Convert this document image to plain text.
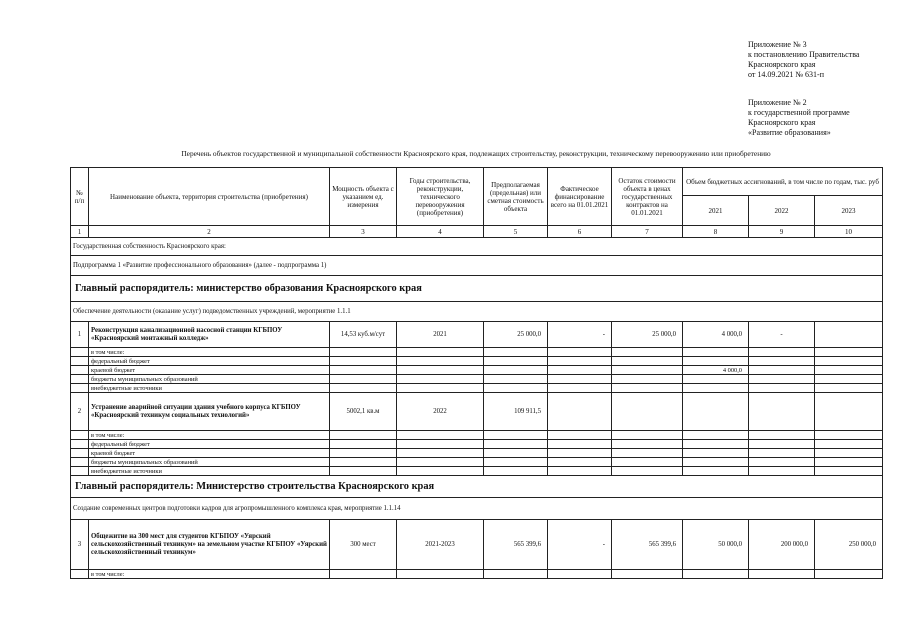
Приложение № 3
к постановлению Правительства
Красноярского края
от 14.09.2021 № 631-п
Приложение № 2
к государственной программе
Красноярского края
«Развитие образования»
Перечень объектов государственной и муниципальной собственности Красноярского края, подлежащих строительству, реконструкции, техническому перевооружению или приобретению
№ п/п	Наименование объекта, территория строительства (приобретения)	Мощность объекта с указанием ед. измерения	Годы строительства, реконструкции, технического перевооружения (приобретения)	Предполагаемая (предельная) или сметная стоимость объекта	Фактическое финансирование всего на 01.01.2021	Остаток стоимости объекта в ценах государственных контрактов на 01.01.2021	Объем бюджетных ассигнований, в том числе по годам, тыс. руб		
							2021	2022	2023
1	2	3	4	5	6	7	8	9	10
Государственная собственность Красноярского края:									
Подпрограмма 1 «Развитие профессионального образования» (далее - подпрограмма 1)									
Главный распорядитель: министерство образования Красноярского края									
Обеспечение деятельности (оказание услуг) подведомственных учреждений, мероприятие 1.1.1									
1	Реконструкция канализационной насосной станции КГБПОУ «Красноярский монтажный колледж»	14,53 куб.м/сут	2021	25 000,0	-	25 000,0	4 000,0	-	
	в том числе:								
	федеральный бюджет								
	краевой бюджет						4 000,0		
	бюджеты муниципальных образований								
	внебюджетные источники								
2	Устранение аварийной ситуации здания учебного корпуса КГБПОУ «Красноярский техникум социальных технологий»	5002,1 кв.м	2022	109 911,5					
	в том числе:								
	федеральный бюджет								
	краевой бюджет								
	бюджеты муниципальных образований								
	внебюджетные источники								
Главный распорядитель: Министерство строительства Красноярского края									
Создание современных центров подготовки кадров для агропромышленного комплекса края, мероприятие 1.1.14									
3	Общежитие на 300 мест для студентов КГБПОУ «Уярский сельскохозяйственный техникум» на земельном участке КГБПОУ «Уярский сельскохозяйственный техникум»	300 мест	2021-2023	565 399,6	-	565 399,6	50 000,0	200 000,0	250 000,0
	в том числе:								
